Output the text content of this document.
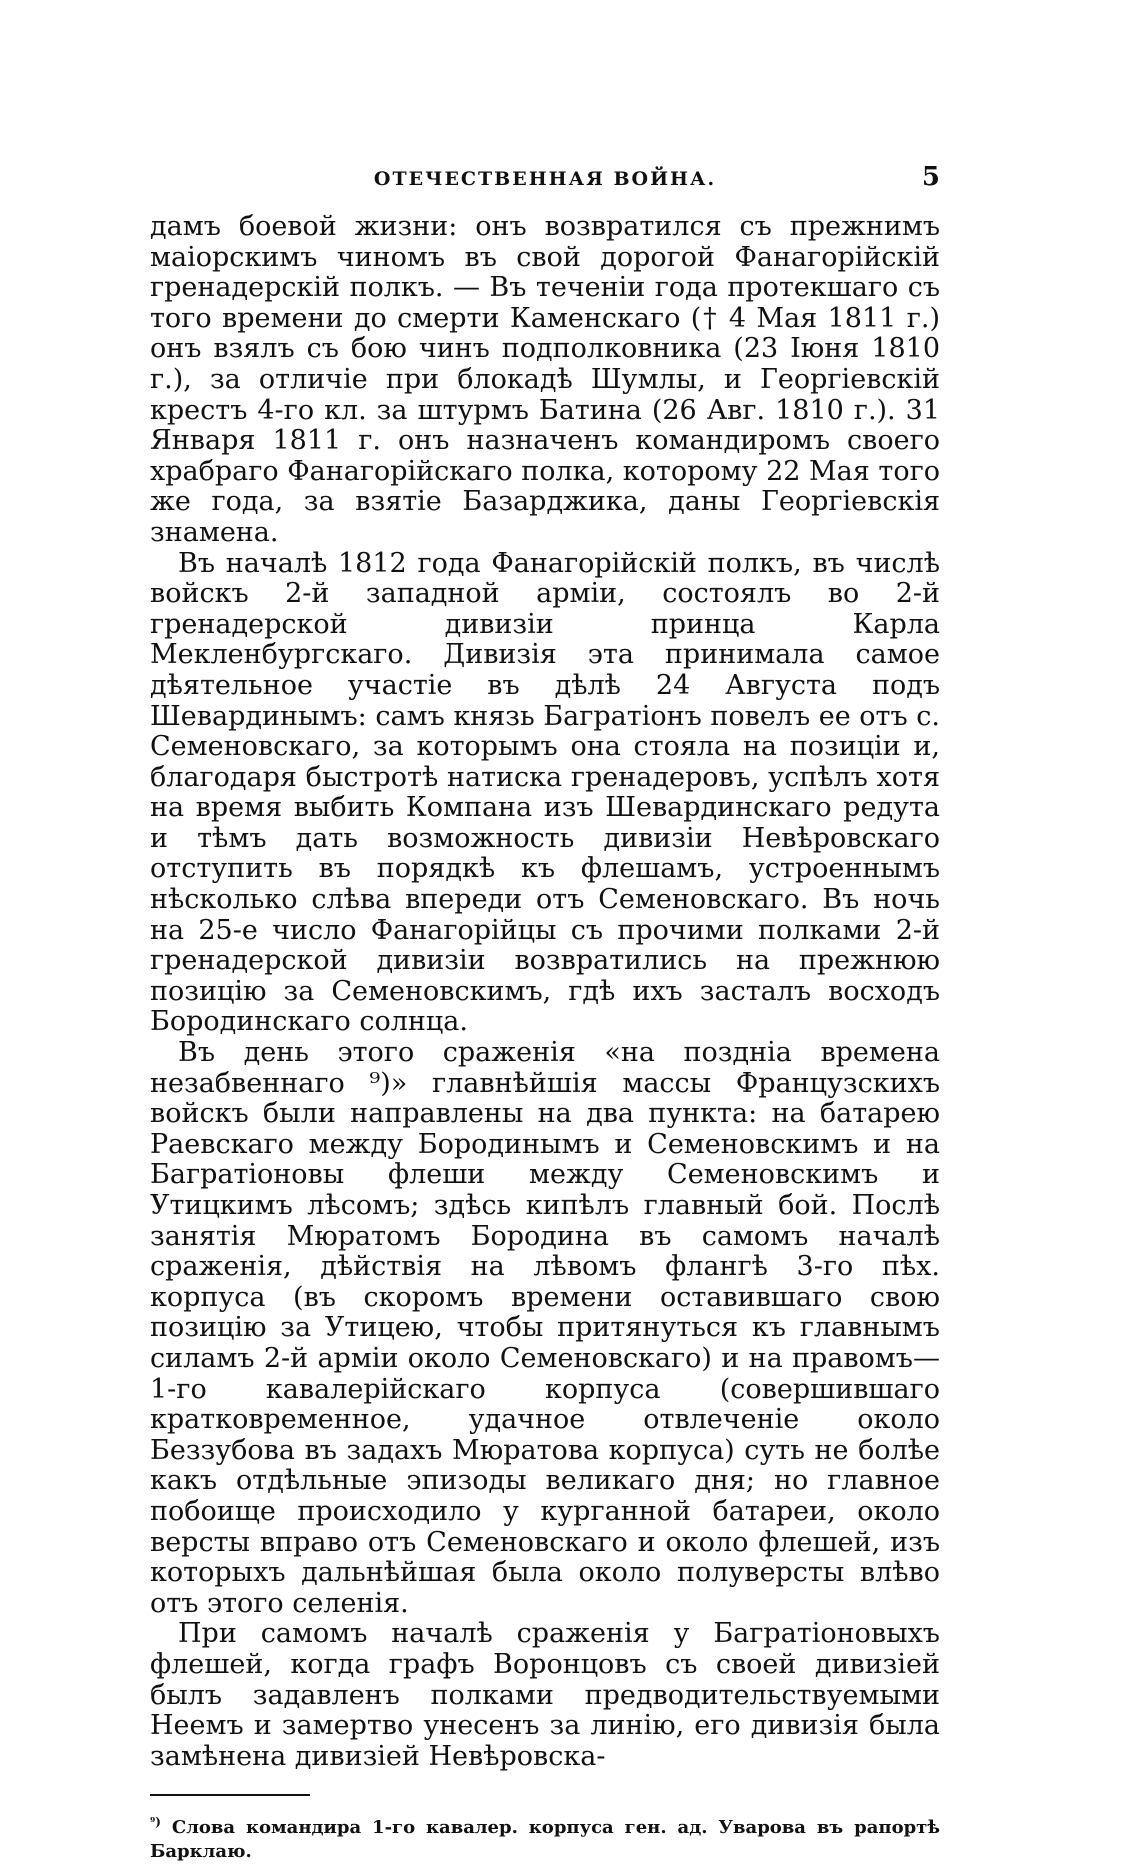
ОТЕЧЕСТВЕННАЯ ВОЙНА.	5

дамъ боевой жизни: онъ возвратился съ прежнимъ маіорскимъ чиномъ въ свой дорогой Фанагорійскій гренадерскій полкъ. — Въ теченіи года протекшаго съ того времени до смерти Каменскаго († 4 Мая 1811 г.) онъ взялъ съ бою чинъ подполковника (23 Іюня 1810 г.), за отличіе при блокадѣ Шумлы, и Георгіевскій крестъ 4-го кл. за штурмъ Батина (26 Авг. 1810 г.). 31 Января 1811 г. онъ назначенъ командиромъ своего храбраго Фанагорійскаго полка, которому 22 Мая того же года, за взятіе Базарджика, даны Георгіевскія знамена.

Въ началѣ 1812 года Фанагорійскій полкъ, въ числѣ войскъ 2-й западной арміи, состоялъ во 2-й гренадерской дивизіи принца Карла Мекленбургскаго. Дивизія эта принимала самое дѣятельное участіе въ дѣлѣ 24 Августа подъ Шевардинымъ: самъ князь Багратіонъ повелъ ее отъ с. Семеновскаго, за которымъ она стояла на позиціи и, благодаря быстротѣ натиска гренадеровъ, успѣлъ хотя на время выбить Компана изъ Шевардинскаго редута и тѣмъ дать возможность дивизіи Невѣровскаго отступить въ порядкѣ къ флешамъ, устроеннымъ нѣсколько слѣва впереди отъ Семеновскаго. Въ ночь на 25-е число Фанагорійцы съ прочими полками 2-й гренадерской дивизіи возвратились на прежнюю позицію за Семеновскимъ, гдѣ ихъ засталъ восходъ Бородинскаго солнца.

Въ день этого сраженія «на поздніа времена незабвеннаго ⁹)» главнѣйшія массы Французскихъ войскъ были направлены на два пункта: на батарею Раевскаго между Бородинымъ и Семеновскимъ и на Багратіоновы флеши между Семеновскимъ и Утицкимъ лѣсомъ; здѣсь кипѣлъ главный бой. Послѣ занятія Мюратомъ Бородина въ самомъ началѣ сраженія, дѣйствія на лѣвомъ флангѣ 3-го пѣх. корпуса (въ скоромъ времени оставившаго свою позицію за Утицею, чтобы притянуться къ главнымъ силамъ 2-й арміи около Семеновскаго) и на правомъ—1-го кавалерійскаго корпуса (совершившаго кратковременное, удачное отвлеченіе около Беззубова въ задахъ Мюратова корпуса) суть не болѣе какъ отдѣльные эпизоды великаго дня; но главное побоище происходило у курганной батареи, около версты вправо отъ Семеновскаго и около флешей, изъ которыхъ дальнѣйшая была около полуверсты влѣво отъ этого селенія.

При самомъ началѣ сраженія у Багратіоновыхъ флешей, когда графъ Воронцовъ съ своей дивизіей былъ задавленъ полками предводительствуемыми Неемъ и замертво унесенъ за линію, его дивизія была замѣнена дивизіей Невѣровска-

$^{^9)}$ Слова командира 1-го кавалер. корпуса ген. ад. Уварова въ рапортѣ Барклаю.
